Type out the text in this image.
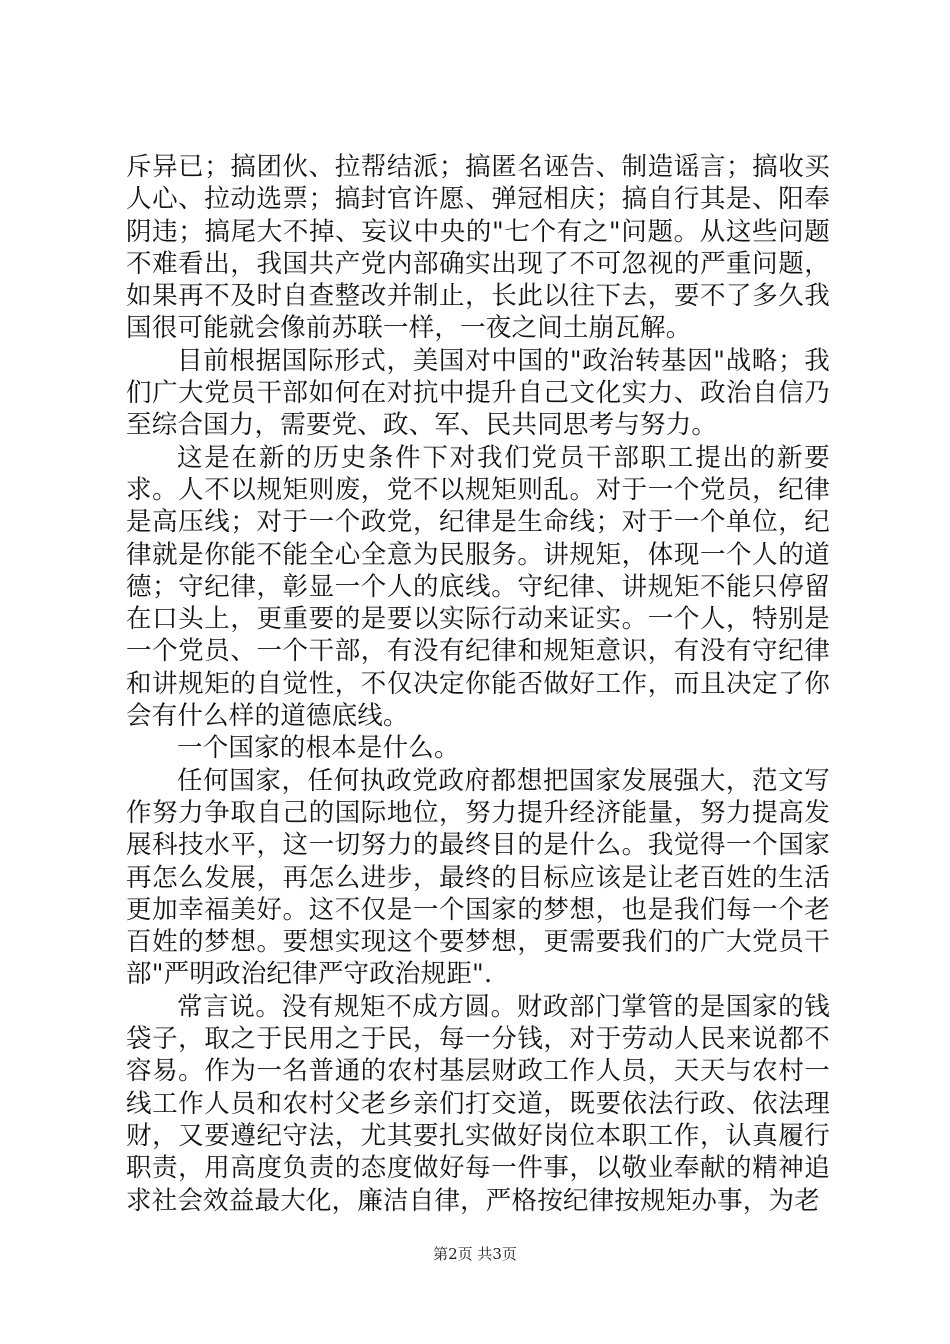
斥异已；搞团伙、拉帮结派；搞匿名诬告、制造谣言；搞收买人心、拉动选票；搞封官许愿、弹冠相庆；搞自行其是、阳奉阴违；搞尾大不掉、妄议中央的"七个有之"问题。从这些问题不难看出，我国共产党内部确实出现了不可忽视的严重问题，如果再不及时自查整改并制止，长此以往下去，要不了多久我国很可能就会像前苏联一样，一夜之间土崩瓦解。

目前根据国际形式，美国对中国的"政治转基因"战略；我们广大党员干部如何在对抗中提升自己文化实力、政治自信乃至综合国力，需要党、政、军、民共同思考与努力。

这是在新的历史条件下对我们党员干部职工提出的新要求。人不以规矩则废，党不以规矩则乱。对于一个党员，纪律是高压线；对于一个政党，纪律是生命线；对于一个单位，纪律就是你能不能全心全意为民服务。讲规矩，体现一个人的道德；守纪律，彰显一个人的底线。守纪律、讲规矩不能只停留在口头上，更重要的是要以实际行动来证实。一个人，特别是一个党员、一个干部，有没有纪律和规矩意识，有没有守纪律和讲规矩的自觉性，不仅决定你能否做好工作，而且决定了你会有什么样的道德底线。

一个国家的根本是什么。

任何国家，任何执政党政府都想把国家发展强大，范文写作努力争取自己的国际地位，努力提升经济能量，努力提高发展科技水平，这一切努力的最终目的是什么。我觉得一个国家再怎么发展，再怎么进步，最终的目标应该是让老百姓的生活更加幸福美好。这不仅是一个国家的梦想，也是我们每一个老百姓的梦想。要想实现这个要梦想，更需要我们的广大党员干部"严明政治纪律严守政治规距".

常言说。没有规矩不成方圆。财政部门掌管的是国家的钱袋子，取之于民用之于民，每一分钱，对于劳动人民来说都不容易。作为一名普通的农村基层财政工作人员，天天与农村一线工作人员和农村父老乡亲们打交道，既要依法行政、依法理财，又要遵纪守法，尤其要扎实做好岗位本职工作，认真履行职责，用高度负责的态度做好每一件事，以敬业奉献的精神追求社会效益最大化，廉洁自律，严格按纪律按规矩办事，为老

第2页 共3页
